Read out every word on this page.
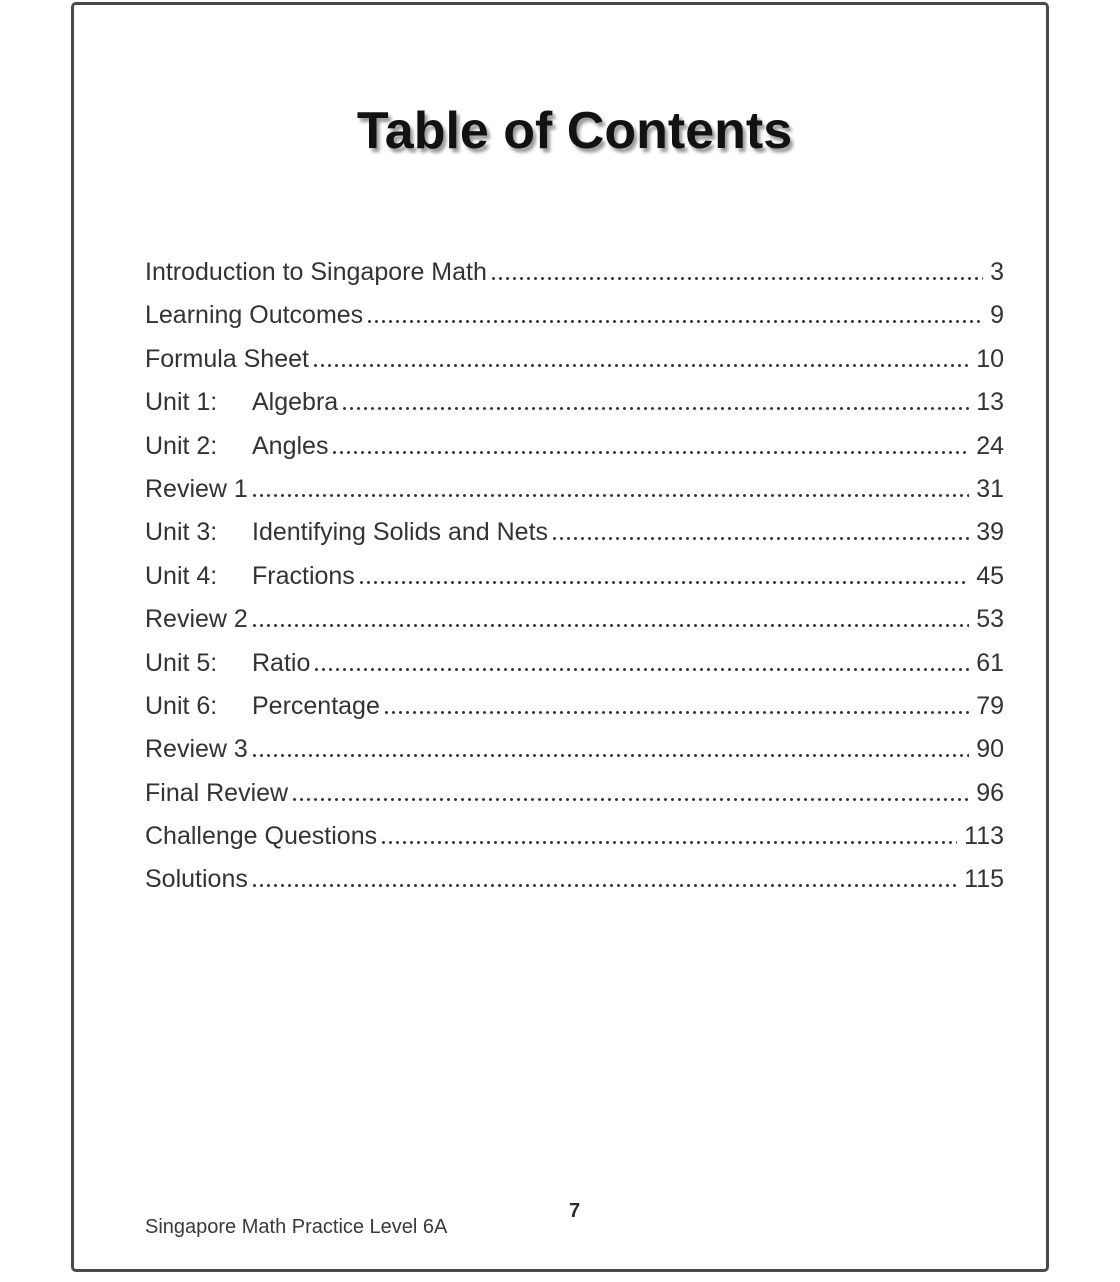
Table of Contents
Introduction to Singapore Math	3
Learning Outcomes	9
Formula Sheet	10
Unit 1:	Algebra	13
Unit 2:	Angles	24
Review 1	31
Unit 3:	Identifying Solids and Nets	39
Unit 4:	Fractions	45
Review 2	53
Unit 5:	Ratio	61
Unit 6:	Percentage	79
Review 3	90
Final Review	96
Challenge Questions	113
Solutions	115
7
Singapore Math Practice Level 6A
